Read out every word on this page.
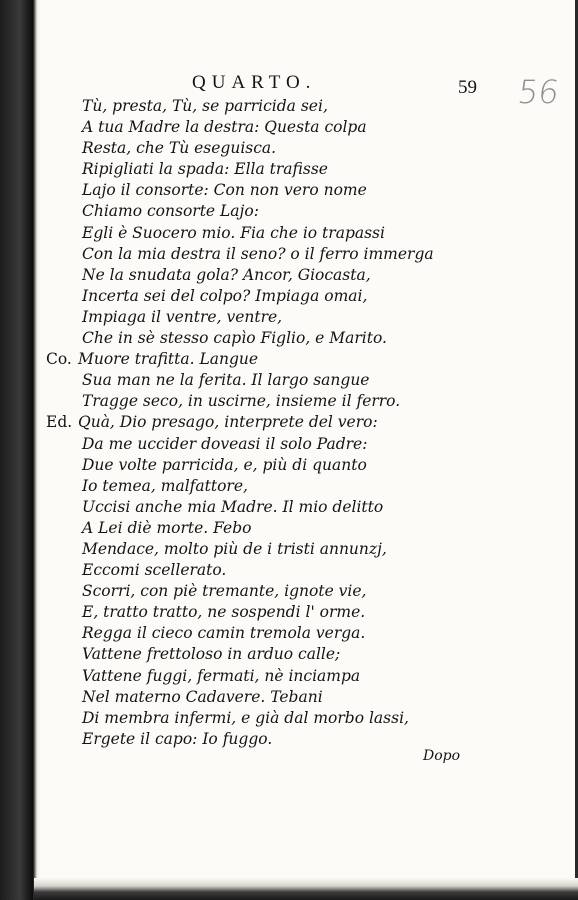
QUARTO.	59 56
Tù, presta, Tù, se parricida sei,
A tua Madre la destra: Questa colpa
Resta, che Tù eseguisca.
Ripigliati la spada: Ella trafisse
Lajo il consorte: Con non vero nome
Chiamo consorte Lajo:
Egli è Suocero mio. Fia che io trapassi
Con la mia destra il seno? o il ferro immerga
Ne la snudata gola? Ancor, Giocasta,
Incerta sei del colpo? Impiaga omai,
Impiaga il ventre, ventre,
Che in sè stesso capìo Figlio, e Marito.
Co. Muore trafitta. Langue
Sua man ne la ferita. Il largo sangue
Tragge seco, in uscirne, insieme il ferro.
Ed. Quà, Dio presago, interprete del vero:
Da me uccider doveasi il solo Padre:
Due volte parricida, e, più di quanto
Io temea, malfattore,
Uccisi anche mia Madre. Il mio delitto
A Lei diè morte. Febo
Mendace, molto più de i tristi annunzj,
Eccomi scellerato.
Scorri, con piè tremante, ignote vie,
E, tratto tratto, ne sospendi l' orme.
Regga il cieco camin tremola verga.
Vattene frettoloso in arduo calle;
Vattene fuggi, fermati, nè inciampa
Nel materno Cadavere. Tebani
Di membra infermi, e già dal morbo lassi,
Ergete il capo: Io fuggo.
Dopo
